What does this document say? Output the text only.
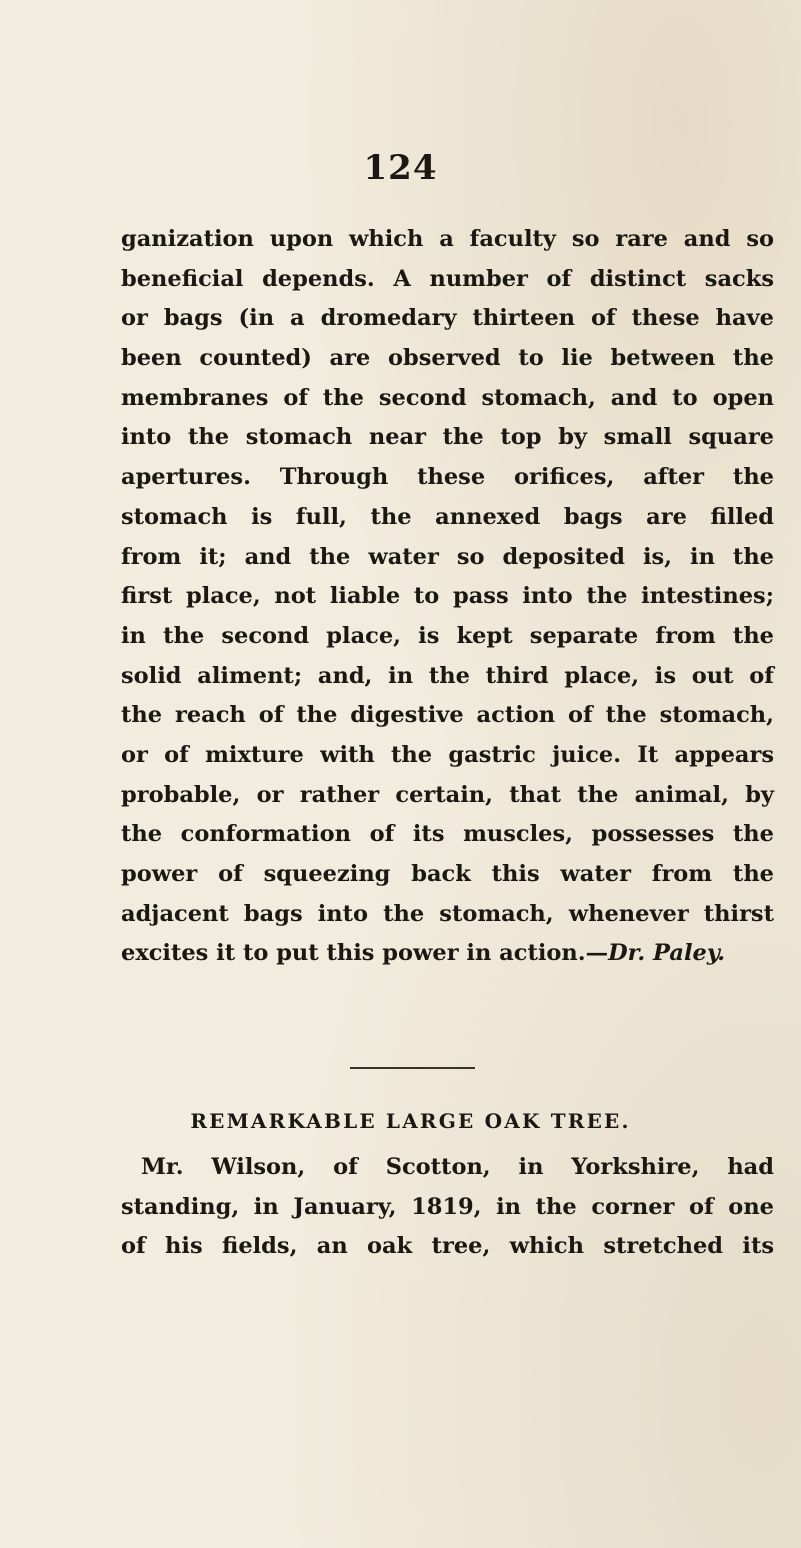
124
ganization upon which a faculty so rare and so
beneficial depends. A number of distinct sacks
or bags (in a dromedary thirteen of these have
been counted) are observed to lie between the
membranes of the second stomach, and to open
into the stomach near the top by small square
apertures. Through these orifices, after the
stomach is full, the annexed bags are filled
from it; and the water so deposited is, in the
first place, not liable to pass into the intestines;
in the second place, is kept separate from the
solid aliment; and, in the third place, is out of
the reach of the digestive action of the stomach,
or of mixture with the gastric juice. It appears
probable, or rather certain, that the animal, by
the conformation of its muscles, possesses the
power of squeezing back this water from the
adjacent bags into the stomach, whenever thirst
excites it to put this power in action.—Dr. Paley.
REMARKABLE LARGE OAK TREE.
Mr. Wilson, of Scotton, in Yorkshire, had
standing, in January, 1819, in the corner of one
of his fields, an oak tree, which stretched its
